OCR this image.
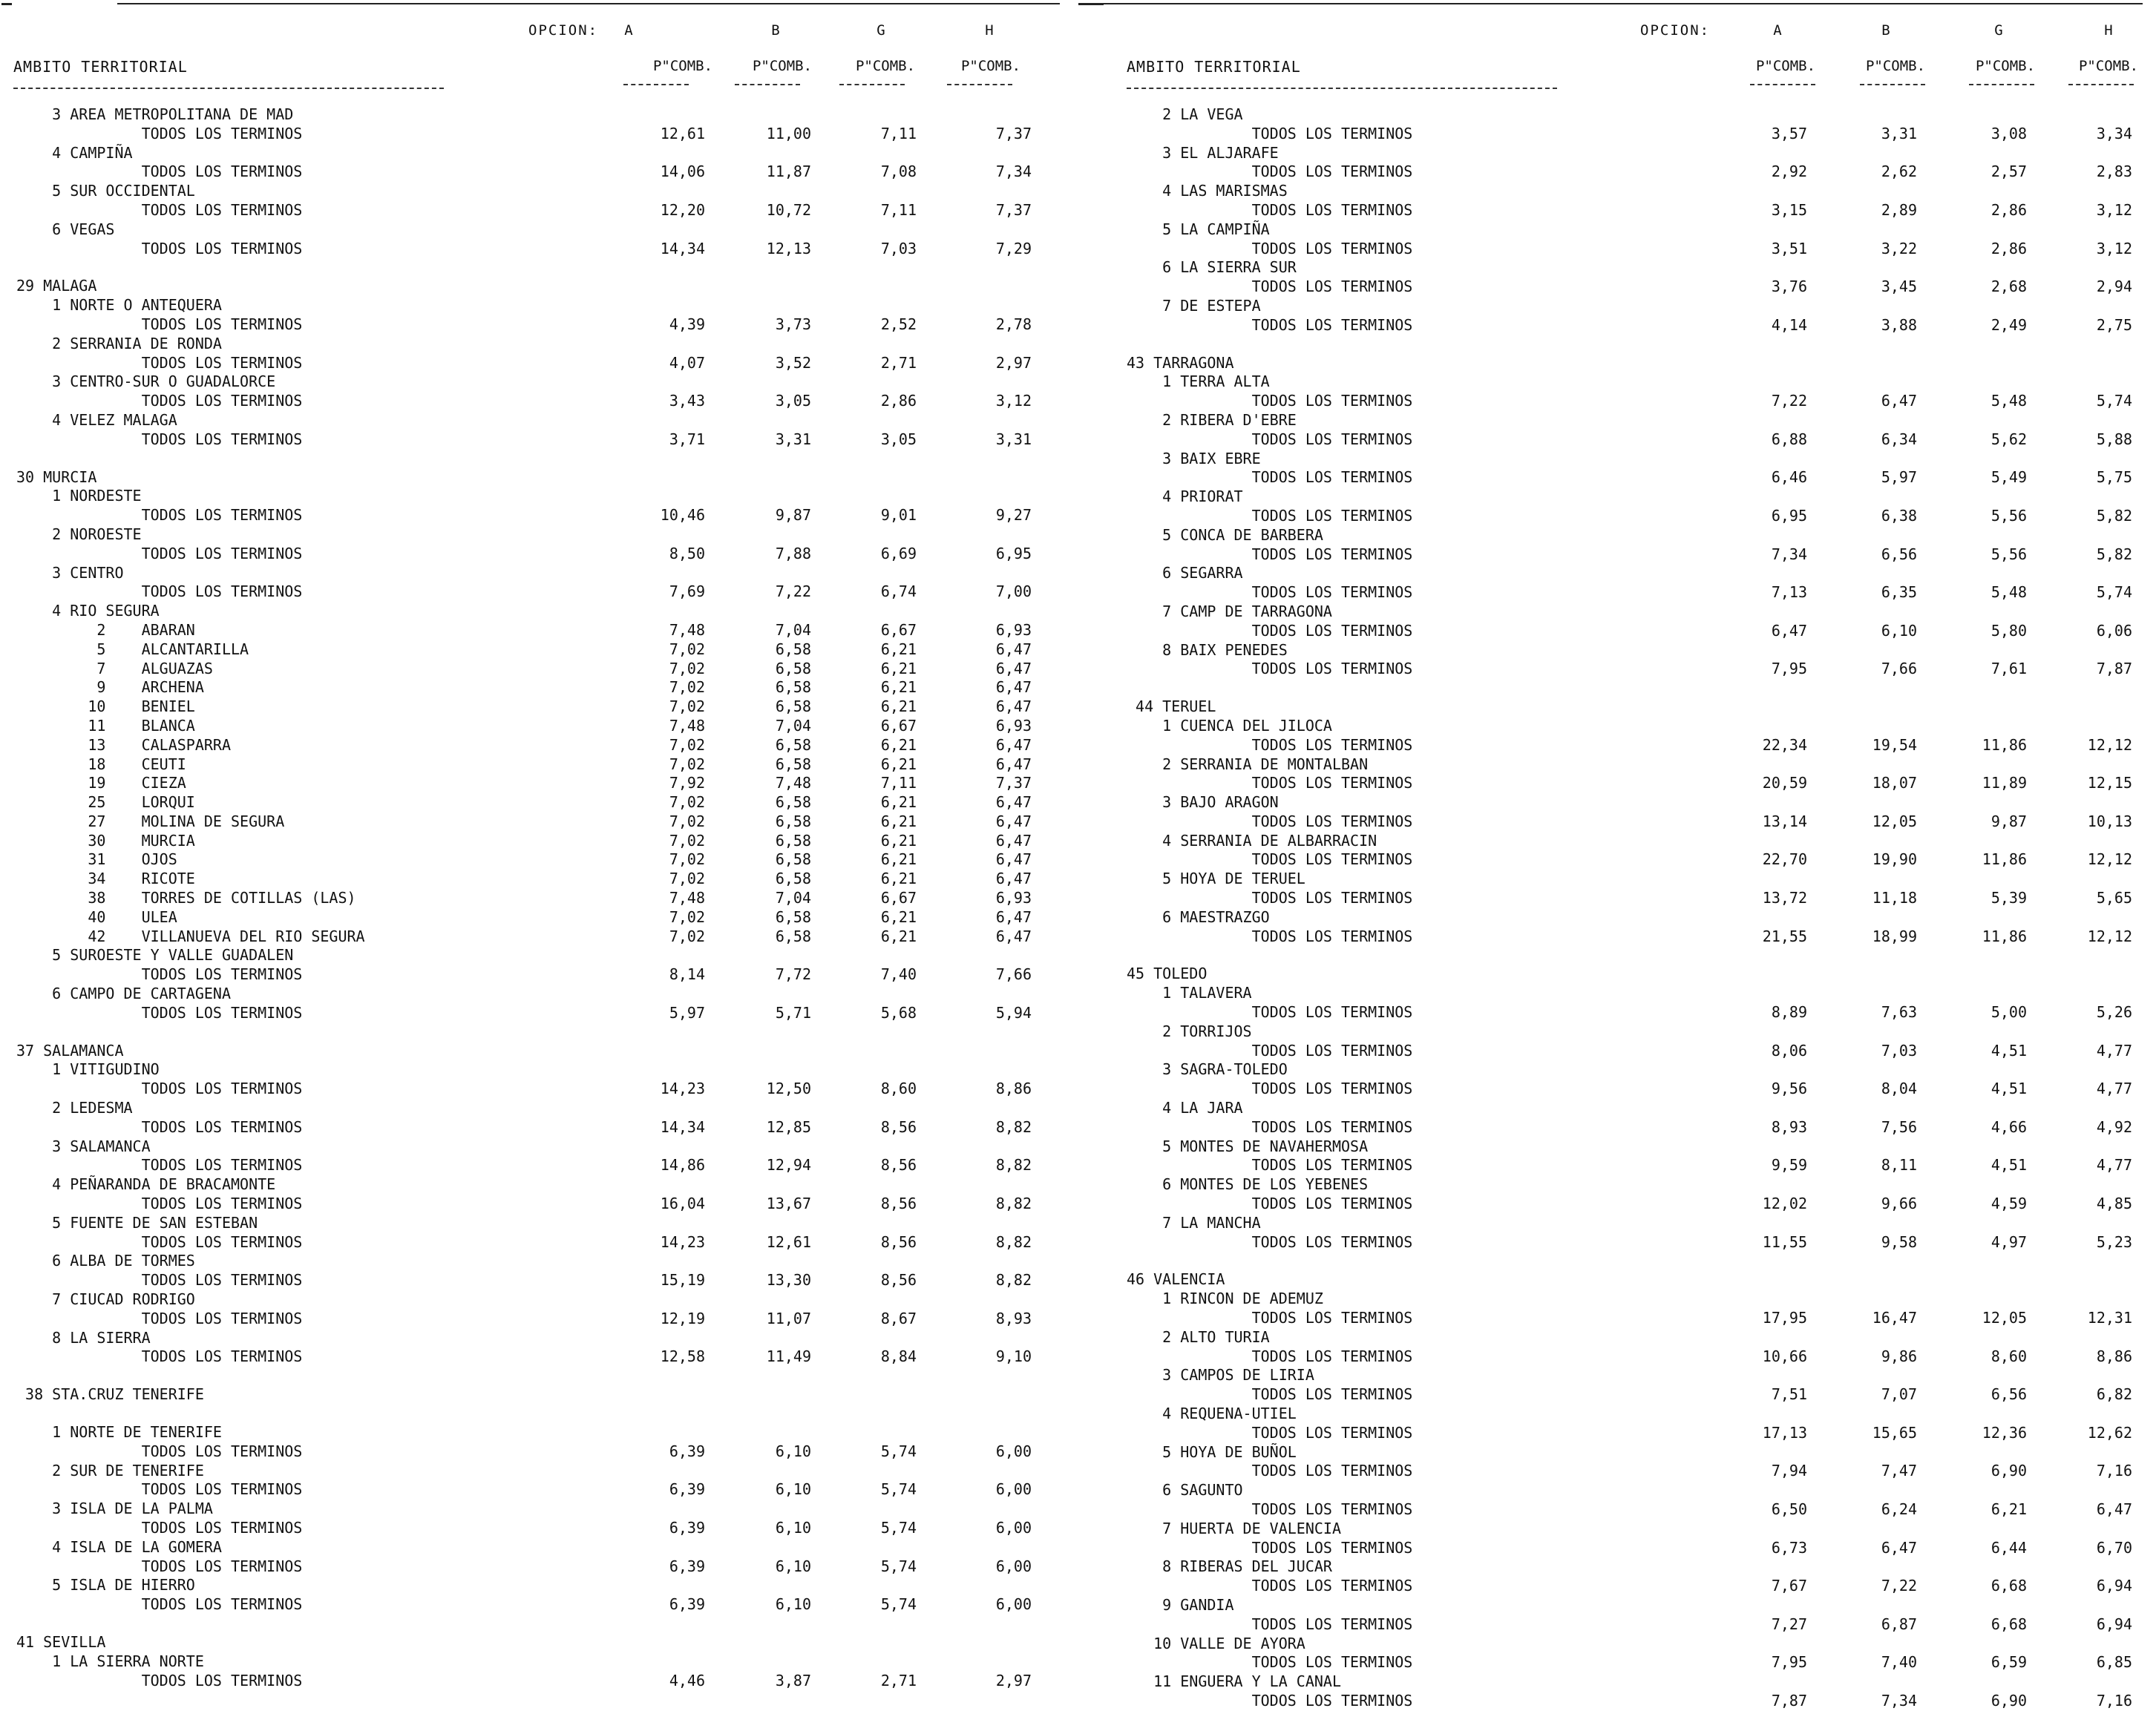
OPCION:	A	B	G	H
AMBITO TERRITORIAL	P"COMB.	P"COMB.	P"COMB.	P"COMB.
3 AREA METROPOLITANA DE MAD
TODOS LOS TERMINOS	12,61	11,00	7,11	7,37
4 CAMPIÑA
TODOS LOS TERMINOS	14,06	11,87	7,08	7,34
5 SUR OCCIDENTAL
TODOS LOS TERMINOS	12,20	10,72	7,11	7,37
6 VEGAS
TODOS LOS TERMINOS	14,34	12,13	7,03	7,29
29 MALAGA
1 NORTE O ANTEQUERA
TODOS LOS TERMINOS	4,39	3,73	2,52	2,78
2 SERRANIA DE RONDA
TODOS LOS TERMINOS	4,07	3,52	2,71	2,97
3 CENTRO-SUR O GUADALORCE
TODOS LOS TERMINOS	3,43	3,05	2,86	3,12
4 VELEZ MALAGA
TODOS LOS TERMINOS	3,71	3,31	3,05	3,31
30 MURCIA
1 NORDESTE
TODOS LOS TERMINOS	10,46	9,87	9,01	9,27
2 NOROESTE
TODOS LOS TERMINOS	8,50	7,88	6,69	6,95
3 CENTRO
TODOS LOS TERMINOS	7,69	7,22	6,74	7,00
4 RIO SEGURA
2    ABARAN	7,48	7,04	6,67	6,93
5    ALCANTARILLA	7,02	6,58	6,21	6,47
7    ALGUAZAS	7,02	6,58	6,21	6,47
9    ARCHENA	7,02	6,58	6,21	6,47
10    BENIEL	7,02	6,58	6,21	6,47
11    BLANCA	7,48	7,04	6,67	6,93
13    CALASPARRA	7,02	6,58	6,21	6,47
18    CEUTI	7,02	6,58	6,21	6,47
19    CIEZA	7,92	7,48	7,11	7,37
25    LORQUI	7,02	6,58	6,21	6,47
27    MOLINA DE SEGURA	7,02	6,58	6,21	6,47
30    MURCIA	7,02	6,58	6,21	6,47
31    OJOS	7,02	6,58	6,21	6,47
34    RICOTE	7,02	6,58	6,21	6,47
38    TORRES DE COTILLAS (LAS)	7,48	7,04	6,67	6,93
40    ULEA	7,02	6,58	6,21	6,47
42    VILLANUEVA DEL RIO SEGURA	7,02	6,58	6,21	6,47
5 SUROESTE Y VALLE GUADALEN
TODOS LOS TERMINOS	8,14	7,72	7,40	7,66
6 CAMPO DE CARTAGENA
TODOS LOS TERMINOS	5,97	5,71	5,68	5,94
37 SALAMANCA
1 VITIGUDINO
TODOS LOS TERMINOS	14,23	12,50	8,60	8,86
2 LEDESMA
TODOS LOS TERMINOS	14,34	12,85	8,56	8,82
3 SALAMANCA
TODOS LOS TERMINOS	14,86	12,94	8,56	8,82
4 PEÑARANDA DE BRACAMONTE
TODOS LOS TERMINOS	16,04	13,67	8,56	8,82
5 FUENTE DE SAN ESTEBAN
TODOS LOS TERMINOS	14,23	12,61	8,56	8,82
6 ALBA DE TORMES
TODOS LOS TERMINOS	15,19	13,30	8,56	8,82
7 CIUCAD RODRIGO
TODOS LOS TERMINOS	12,19	11,07	8,67	8,93
8 LA SIERRA
TODOS LOS TERMINOS	12,58	11,49	8,84	9,10
38 STA.CRUZ TENERIFE
1 NORTE DE TENERIFE
TODOS LOS TERMINOS	6,39	6,10	5,74	6,00
2 SUR DE TENERIFE
TODOS LOS TERMINOS	6,39	6,10	5,74	6,00
3 ISLA DE LA PALMA
TODOS LOS TERMINOS	6,39	6,10	5,74	6,00
4 ISLA DE LA GOMERA
TODOS LOS TERMINOS	6,39	6,10	5,74	6,00
5 ISLA DE HIERRO
TODOS LOS TERMINOS	6,39	6,10	5,74	6,00
41 SEVILLA
1 LA SIERRA NORTE
TODOS LOS TERMINOS	4,46	3,87	2,71	2,97
OPCION:	A	B	G	H
AMBITO TERRITORIAL	P"COMB.	P"COMB.	P"COMB.	P"COMB.
2 LA VEGA
TODOS LOS TERMINOS	3,57	3,31	3,08	3,34
3 EL ALJARAFE
TODOS LOS TERMINOS	2,92	2,62	2,57	2,83
4 LAS MARISMAS
TODOS LOS TERMINOS	3,15	2,89	2,86	3,12
5 LA CAMPIÑA
TODOS LOS TERMINOS	3,51	3,22	2,86	3,12
6 LA SIERRA SUR
TODOS LOS TERMINOS	3,76	3,45	2,68	2,94
7 DE ESTEPA
TODOS LOS TERMINOS	4,14	3,88	2,49	2,75
43 TARRAGONA
1 TERRA ALTA
TODOS LOS TERMINOS	7,22	6,47	5,48	5,74
2 RIBERA D'EBRE
TODOS LOS TERMINOS	6,88	6,34	5,62	5,88
3 BAIX EBRE
TODOS LOS TERMINOS	6,46	5,97	5,49	5,75
4 PRIORAT
TODOS LOS TERMINOS	6,95	6,38	5,56	5,82
5 CONCA DE BARBERA
TODOS LOS TERMINOS	7,34	6,56	5,56	5,82
6 SEGARRA
TODOS LOS TERMINOS	7,13	6,35	5,48	5,74
7 CAMP DE TARRAGONA
TODOS LOS TERMINOS	6,47	6,10	5,80	6,06
8 BAIX PENEDES
TODOS LOS TERMINOS	7,95	7,66	7,61	7,87
44 TERUEL
1 CUENCA DEL JILOCA
TODOS LOS TERMINOS	22,34	19,54	11,86	12,12
2 SERRANIA DE MONTALBAN
TODOS LOS TERMINOS	20,59	18,07	11,89	12,15
3 BAJO ARAGON
TODOS LOS TERMINOS	13,14	12,05	9,87	10,13
4 SERRANIA DE ALBARRACIN
TODOS LOS TERMINOS	22,70	19,90	11,86	12,12
5 HOYA DE TERUEL
TODOS LOS TERMINOS	13,72	11,18	5,39	5,65
6 MAESTRAZGO
TODOS LOS TERMINOS	21,55	18,99	11,86	12,12
45 TOLEDO
1 TALAVERA
TODOS LOS TERMINOS	8,89	7,63	5,00	5,26
2 TORRIJOS
TODOS LOS TERMINOS	8,06	7,03	4,51	4,77
3 SAGRA-TOLEDO
TODOS LOS TERMINOS	9,56	8,04	4,51	4,77
4 LA JARA
TODOS LOS TERMINOS	8,93	7,56	4,66	4,92
5 MONTES DE NAVAHERMOSA
TODOS LOS TERMINOS	9,59	8,11	4,51	4,77
6 MONTES DE LOS YEBENES
TODOS LOS TERMINOS	12,02	9,66	4,59	4,85
7 LA MANCHA
TODOS LOS TERMINOS	11,55	9,58	4,97	5,23
46 VALENCIA
1 RINCON DE ADEMUZ
TODOS LOS TERMINOS	17,95	16,47	12,05	12,31
2 ALTO TURIA
TODOS LOS TERMINOS	10,66	9,86	8,60	8,86
3 CAMPOS DE LIRIA
TODOS LOS TERMINOS	7,51	7,07	6,56	6,82
4 REQUENA-UTIEL
TODOS LOS TERMINOS	17,13	15,65	12,36	12,62
5 HOYA DE BUÑOL
TODOS LOS TERMINOS	7,94	7,47	6,90	7,16
6 SAGUNTO
TODOS LOS TERMINOS	6,50	6,24	6,21	6,47
7 HUERTA DE VALENCIA
TODOS LOS TERMINOS	6,73	6,47	6,44	6,70
8 RIBERAS DEL JUCAR
TODOS LOS TERMINOS	7,67	7,22	6,68	6,94
9 GANDIA
TODOS LOS TERMINOS	7,27	6,87	6,68	6,94
10 VALLE DE AYORA
TODOS LOS TERMINOS	7,95	7,40	6,59	6,85
11 ENGUERA Y LA CANAL
TODOS LOS TERMINOS	7,87	7,34	6,90	7,16
